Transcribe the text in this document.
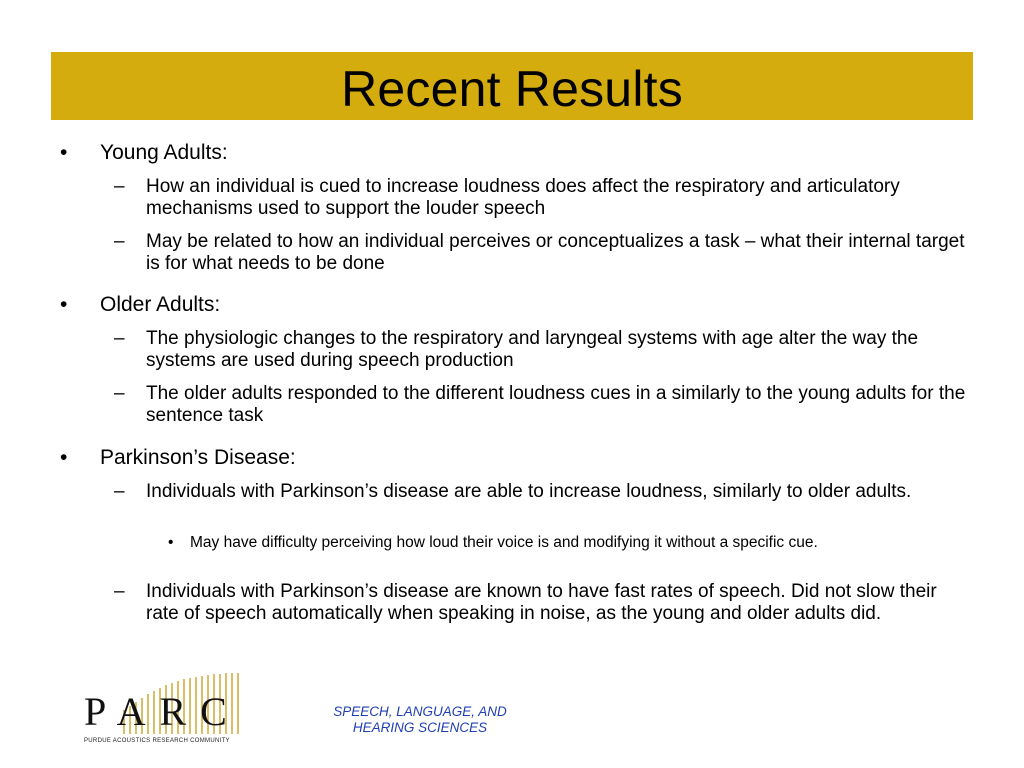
Recent Results
• Young Adults:
– How an individual is cued to increase loudness does affect the respiratory and articulatory mechanisms used to support the louder speech
– May be related to how an individual perceives or conceptualizes a task – what their internal target is for what needs to be done
• Older Adults:
– The physiologic changes to the respiratory and laryngeal systems with age alter the way the systems are used during speech production
– The older adults responded to the different loudness cues in a similarly to the young adults for the sentence task
• Parkinson’s Disease:
– Individuals with Parkinson’s disease are able to increase loudness, similarly to older adults.
• May have difficulty perceiving how loud their voice is and modifying it without a specific cue.
– Individuals with Parkinson’s disease are known to have fast rates of speech. Did not slow their rate of speech automatically when speaking in noise, as the young and older adults did.
PARC
PURDUE ACOUSTICS RESEARCH COMMUNITY
SPEECH, LANGUAGE, AND
HEARING SCIENCES
